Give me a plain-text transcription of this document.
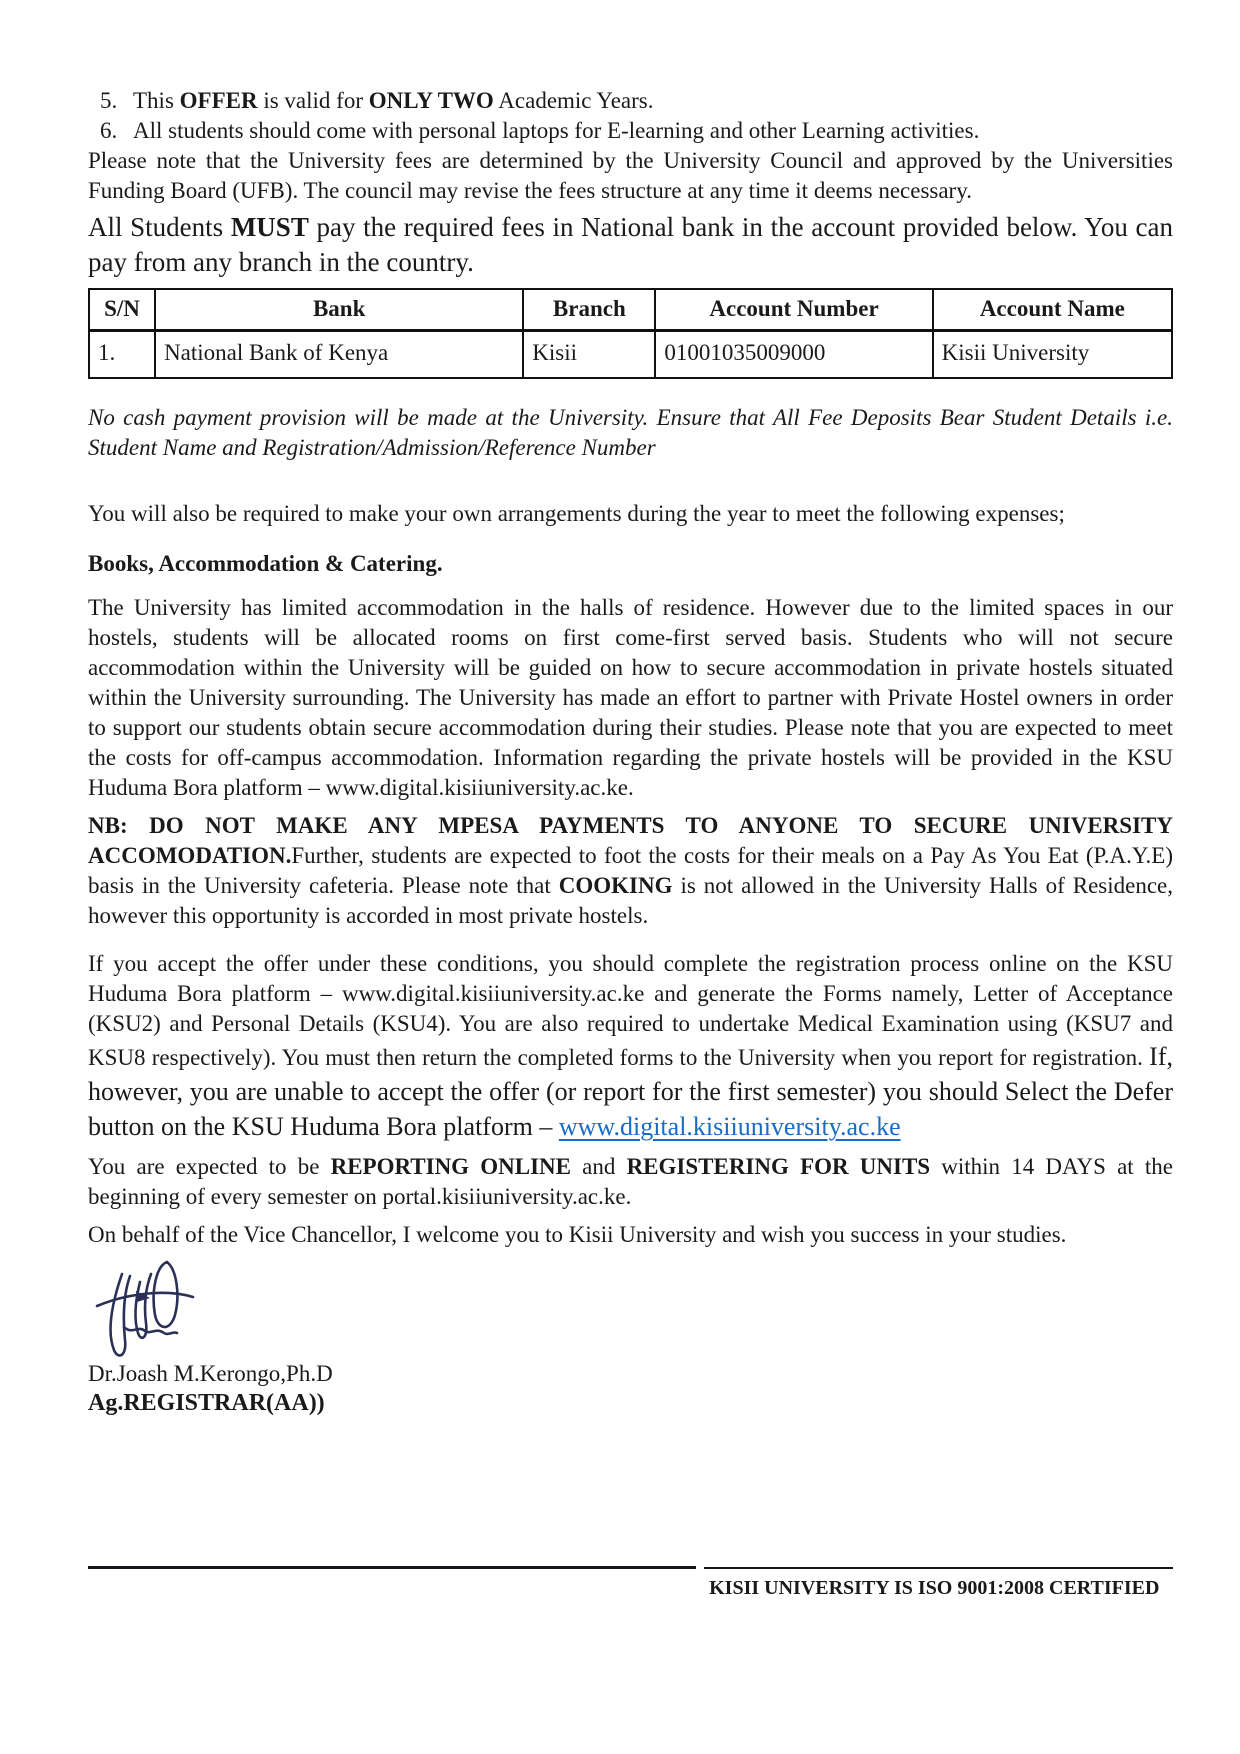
5. This OFFER is valid for ONLY TWO Academic Years.
6. All students should come with personal laptops for E-learning and other Learning activities.

Please note that the University fees are determined by the University Council and approved by the Universities Funding Board (UFB). The council may revise the fees structure at any time it deems necessary.

All Students MUST pay the required fees in National bank in the account provided below. You can pay from any branch in the country.

S/N	Bank	Branch	Account Number	Account Name
1.	National Bank of Kenya	Kisii	01001035009000	Kisii University

No cash payment provision will be made at the University. Ensure that All Fee Deposits Bear Student Details i.e. Student Name and Registration/Admission/Reference Number

You will also be required to make your own arrangements during the year to meet the following expenses;

Books, Accommodation & Catering.

The University has limited accommodation in the halls of residence. However due to the limited spaces in our hostels, students will be allocated rooms on first come-first served basis. Students who will not secure accommodation within the University will be guided on how to secure accommodation in private hostels situated within the University surrounding. The University has made an effort to partner with Private Hostel owners in order to support our students obtain secure accommodation during their studies. Please note that you are expected to meet the costs for off-campus accommodation. Information regarding the private hostels will be provided in the KSU Huduma Bora platform – www.digital.kisiiuniversity.ac.ke.

NB: DO NOT MAKE ANY MPESA PAYMENTS TO ANYONE TO SECURE UNIVERSITY ACCOMODATION.Further, students are expected to foot the costs for their meals on a Pay As You Eat (P.A.Y.E) basis in the University cafeteria. Please note that COOKING is not allowed in the University Halls of Residence, however this opportunity is accorded in most private hostels.

If you accept the offer under these conditions, you should complete the registration process online on the KSU Huduma Bora platform – www.digital.kisiiuniversity.ac.ke and generate the Forms namely, Letter of Acceptance (KSU2) and Personal Details (KSU4). You are also required to undertake Medical Examination using (KSU7 and KSU8 respectively). You must then return the completed forms to the University when you report for registration. If, however, you are unable to accept the offer (or report for the first semester) you should Select the Defer button on the KSU Huduma Bora platform – www.digital.kisiiuniversity.ac.ke

You are expected to be REPORTING ONLINE and REGISTERING FOR UNITS within 14 DAYS at the beginning of every semester on portal.kisiiuniversity.ac.ke.

On behalf of the Vice Chancellor, I welcome you to Kisii University and wish you success in your studies.

Dr.Joash M.Kerongo,Ph.D

Ag.REGISTRAR(AA))

KISII UNIVERSITY IS ISO 9001:2008 CERTIFIED
